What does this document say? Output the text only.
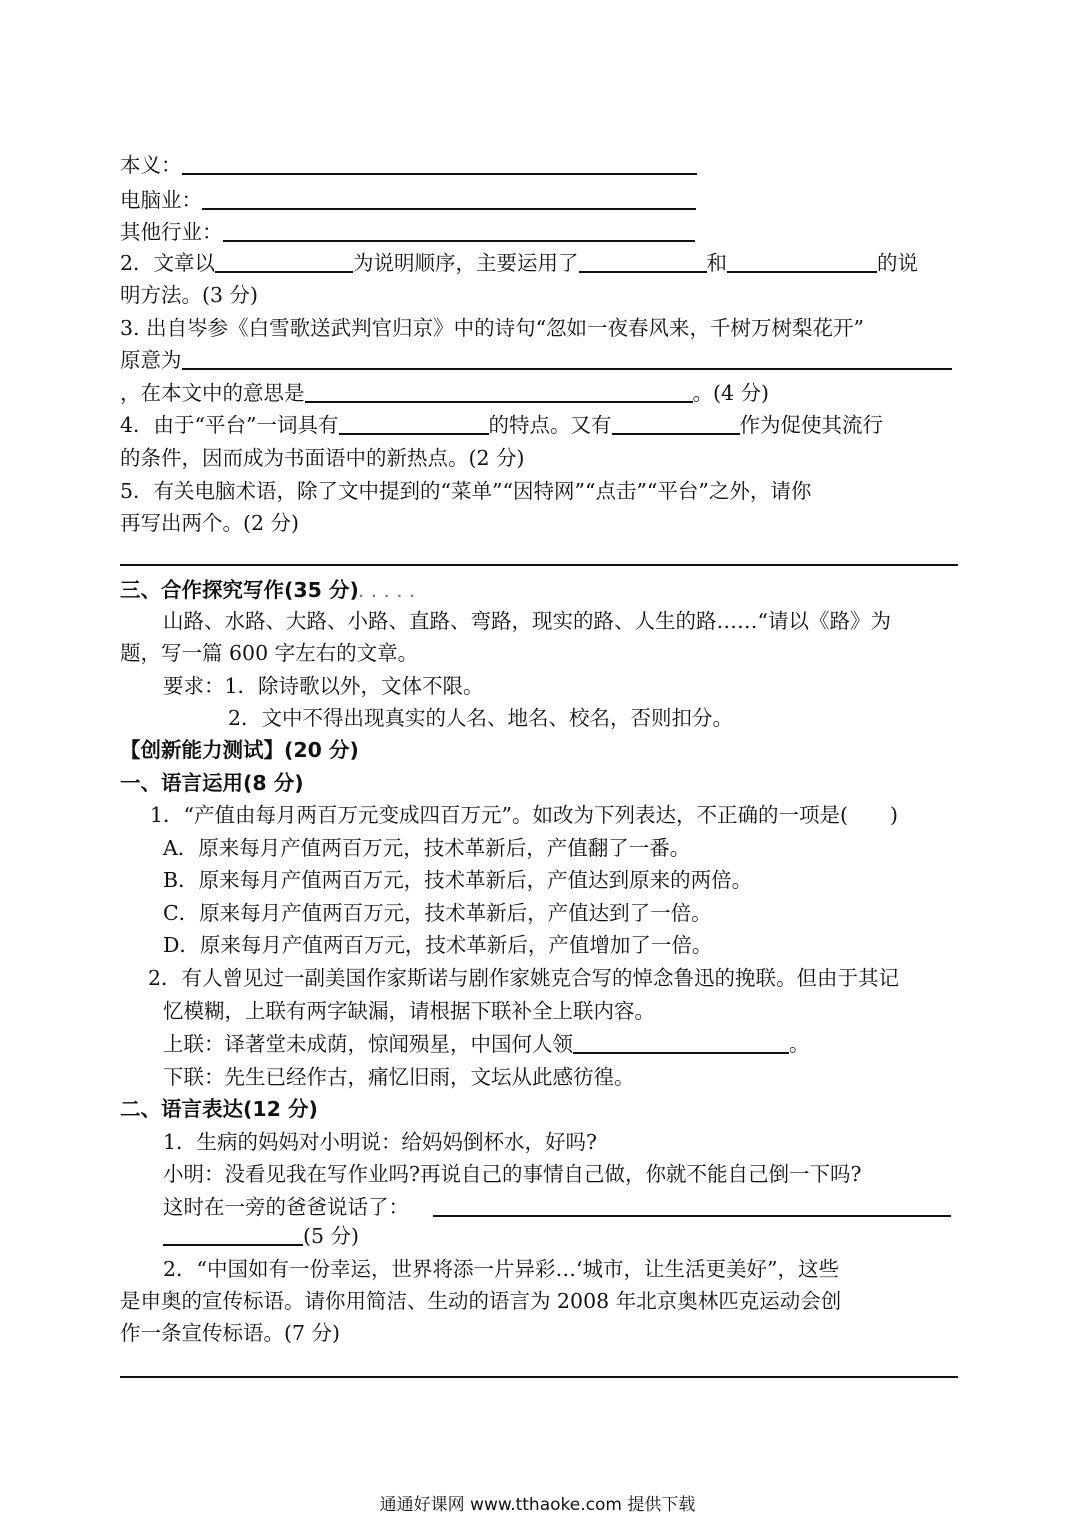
本义：
电脑业：
其他行业：
2．文章以	为说明顺序，主要运用了	和	的说
明方法。(3 分)
3. 出自岑参《白雪歌送武判官归京》中的诗句“忽如一夜春风来，千树万树梨花开”
原意为
，在本文中的意思是	。(4 分)
4．由于“平台”一词具有	的特点。又有	作为促使其流行
的条件，因而成为书面语中的新热点。(2 分)
5．有关电脑术语，除了文中提到的“菜单”“因特网”“点击”“平台”之外，请你
再写出两个。(2 分)
三、合作探究写作(35 分). . . . .
山路、水路、大路、小路、直路、弯路，现实的路、人生的路……“请以《路》为
题，写一篇 600 字左右的文章。
要求：1．除诗歌以外，文体不限。
2．文中不得出现真实的人名、地名、校名，否则扣分。
【创新能力测试】(20 分)
一、语言运用(8 分)
1．“产值由每月两百万元变成四百万元”。如改为下列表达，不正确的一项是( )
A．原来每月产值两百万元，技术革新后，产值翻了一番。
B．原来每月产值两百万元，技术革新后，产值达到原来的两倍。
C．原来每月产值两百万元，技术革新后，产值达到了一倍。
D．原来每月产值两百万元，技术革新后，产值增加了一倍。
2．有人曾见过一副美国作家斯诺与剧作家姚克合写的悼念鲁迅的挽联。但由于其记
忆模糊，上联有两字缺漏，请根据下联补全上联内容。
上联：译著堂未成荫，惊闻殒星，中国何人领	。
下联：先生已经作古，痛忆旧雨，文坛从此感彷徨。
二、语言表达(12 分)
1．生病的妈妈对小明说：给妈妈倒杯水，好吗?
小明：没看见我在写作业吗?再说自己的事情自己做，你就不能自己倒一下吗?
这时在一旁的爸爸说话了：
(5 分)
2．“中国如有一份幸运，世界将添一片异彩…‘城市，让生活更美好”，这些
是申奥的宣传标语。请你用简洁、生动的语言为 2008 年北京奥林匹克运动会创
作一条宣传标语。(7 分)
通通好课网 www.tthaoke.com 提供下载
